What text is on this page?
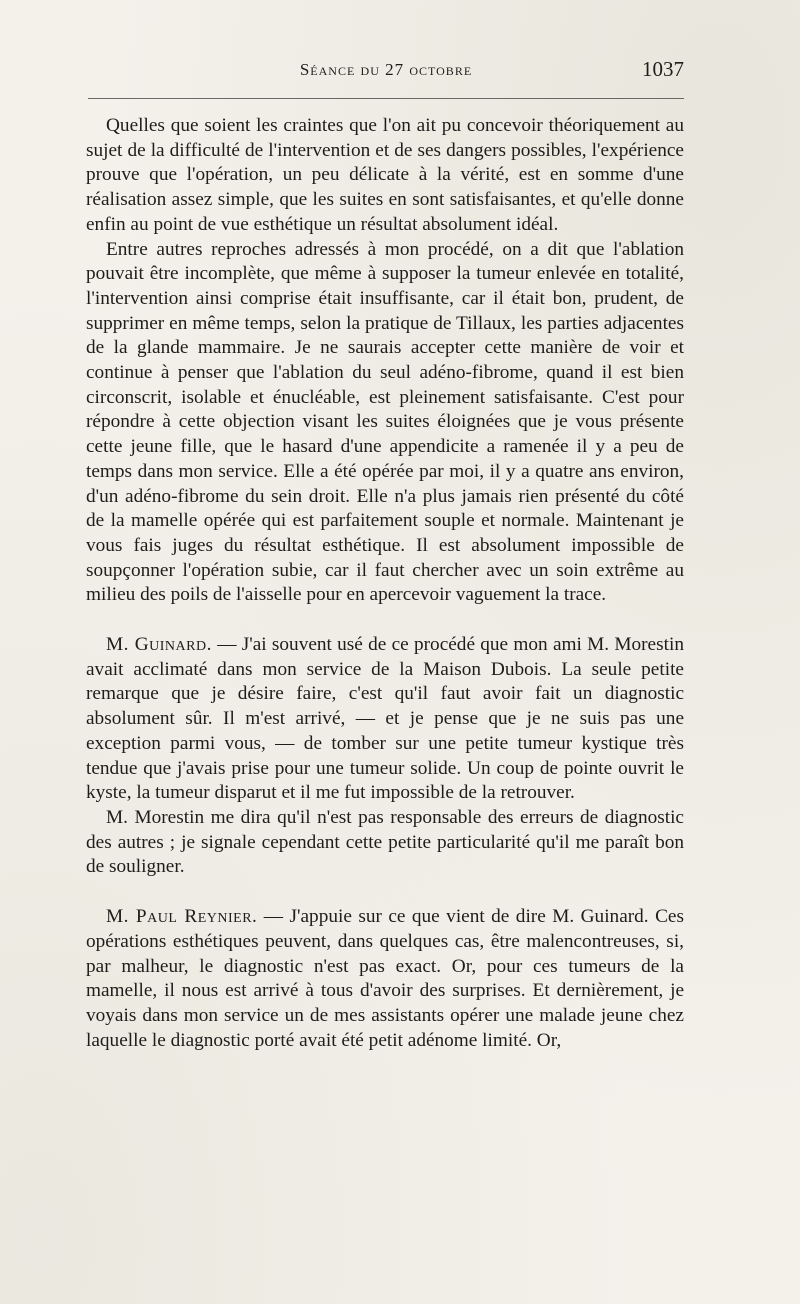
Séance du 27 octobre	1037

Quelles que soient les craintes que l'on ait pu concevoir théoriquement au sujet de la difficulté de l'intervention et de ses dangers possibles, l'expérience prouve que l'opération, un peu délicate à la vérité, est en somme d'une réalisation assez simple, que les suites en sont satisfaisantes, et qu'elle donne enfin au point de vue esthétique un résultat absolument idéal.

Entre autres reproches adressés à mon procédé, on a dit que l'ablation pouvait être incomplète, que même à supposer la tumeur enlevée en totalité, l'intervention ainsi comprise était insuffisante, car il était bon, prudent, de supprimer en même temps, selon la pratique de Tillaux, les parties adjacentes de la glande mammaire. Je ne saurais accepter cette manière de voir et continue à penser que l'ablation du seul adéno-fibrome, quand il est bien circonscrit, isolable et énucléable, est pleinement satisfaisante. C'est pour répondre à cette objection visant les suites éloignées que je vous présente cette jeune fille, que le hasard d'une appendicite a ramenée il y a peu de temps dans mon service. Elle a été opérée par moi, il y a quatre ans environ, d'un adéno-fibrome du sein droit. Elle n'a plus jamais rien présenté du côté de la mamelle opérée qui est parfaitement souple et normale. Maintenant je vous fais juges du résultat esthétique. Il est absolument impossible de soupçonner l'opération subie, car il faut chercher avec un soin extrême au milieu des poils de l'aisselle pour en apercevoir vaguement la trace.

M. Guinard. — J'ai souvent usé de ce procédé que mon ami M. Morestin avait acclimaté dans mon service de la Maison Dubois. La seule petite remarque que je désire faire, c'est qu'il faut avoir fait un diagnostic absolument sûr. Il m'est arrivé, — et je pense que je ne suis pas une exception parmi vous, — de tomber sur une petite tumeur kystique très tendue que j'avais prise pour une tumeur solide. Un coup de pointe ouvrit le kyste, la tumeur disparut et il me fut impossible de la retrouver.

M. Morestin me dira qu'il n'est pas responsable des erreurs de diagnostic des autres ; je signale cependant cette petite particularité qu'il me paraît bon de souligner.

M. Paul Reynier. — J'appuie sur ce que vient de dire M. Guinard. Ces opérations esthétiques peuvent, dans quelques cas, être malencontreuses, si, par malheur, le diagnostic n'est pas exact. Or, pour ces tumeurs de la mamelle, il nous est arrivé à tous d'avoir des surprises. Et dernièrement, je voyais dans mon service un de mes assistants opérer une malade jeune chez laquelle le diagnostic porté avait été petit adénome limité. Or,
